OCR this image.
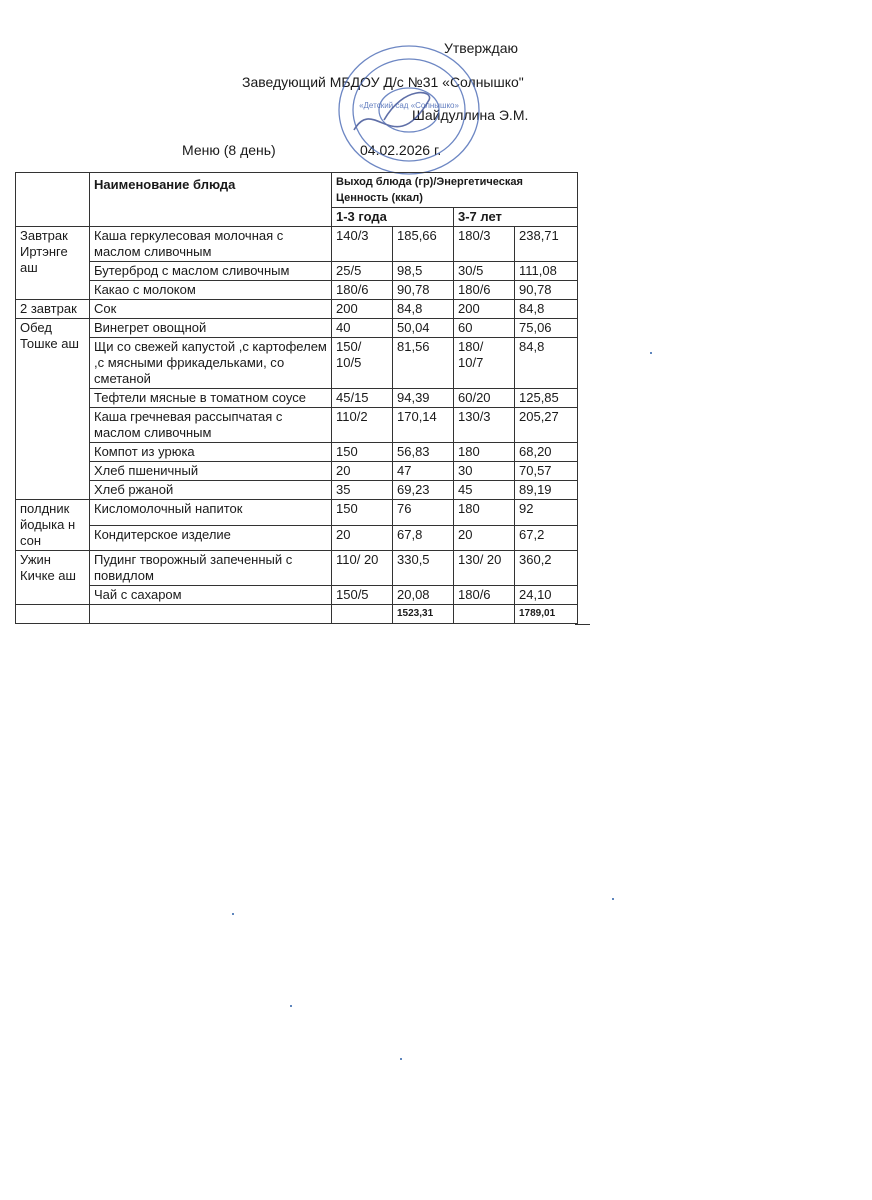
Утверждаю
Заведующий МБДОУ Д/с №31 «Солнышко"
Шайдуллина Э.М.
Меню (8 день)	04.02.2026 г.
«Детский сад «Солнышко»
	Наименование блюда	Выход блюда (гр)/Энергетическая Ценность (ккал)			
		1-3 года		3-7 лет	
Завтрак Иртэнге аш	Каша геркулесовая молочная с маслом сливочным	140/3	185,66	180/3	238,71
	Бутерброд с маслом сливочным	25/5	98,5	30/5	111,08
	Какао с молоком	180/6	90,78	180/6	90,78
2 завтрак	Сок	200	84,8	200	84,8
Обед Тошке аш	Винегрет овощной	40	50,04	60	75,06
	Щи со свежей капустой ,с картофелем ,с мясными фрикадельками, со сметаной	150/ 10/5	81,56	180/ 10/7	84,8
	Тефтели мясные в томатном соусе	45/15	94,39	60/20	125,85
	Каша гречневая рассыпчатая с маслом сливочным	110/2	170,14	130/3	205,27
	Компот из урюка	150	56,83	180	68,20
	Хлеб пшеничный	20	47	30	70,57
	Хлеб ржаной	35	69,23	45	89,19
полдник йодыка н сон	Кисломолочный напиток	150	76	180	92
	Кондитерское изделие	20	67,8	20	67,2
Ужин Кичке аш	Пудинг творожный запеченный с повидлом	110/ 20	330,5	130/ 20	360,2
	Чай с сахаром	150/5	20,08	180/6	24,10
			1523,31		1789,01
